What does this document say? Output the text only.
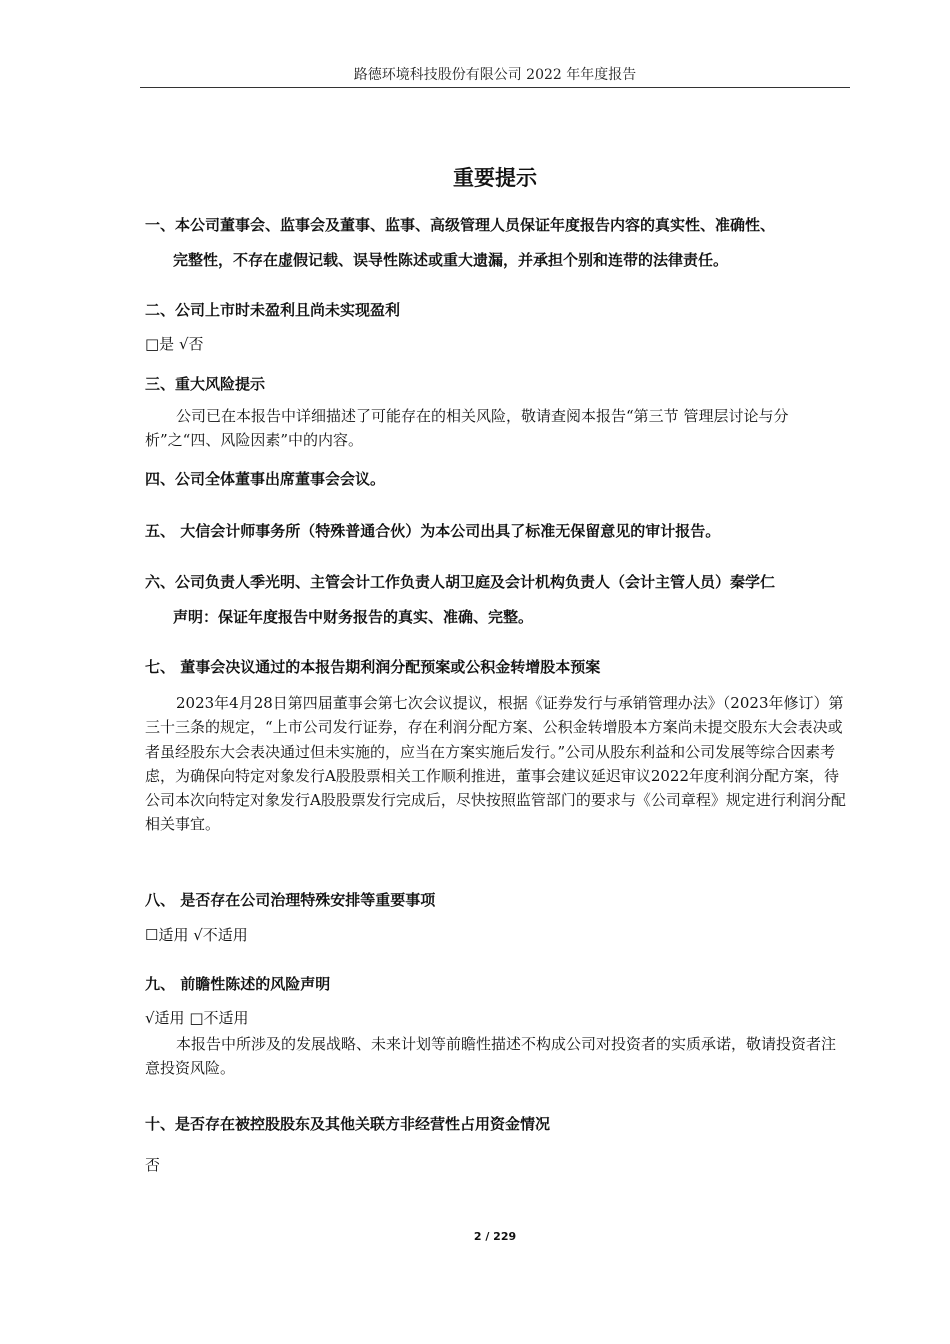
路德环境科技股份有限公司 2022 年年度报告
重要提示
一、本公司董事会、监事会及董事、监事、高级管理人员保证年度报告内容的真实性、准确性、
完整性，不存在虚假记载、误导性陈述或重大遗漏，并承担个别和连带的法律责任。
二、公司上市时未盈利且尚未实现盈利
□是 √否
三、重大风险提示
公司已在本报告中详细描述了可能存在的相关风险，敬请查阅本报告“第三节 管理层讨论与分析”之“四、风险因素”中的内容。
四、公司全体董事出席董事会会议。
五、 大信会计师事务所（特殊普通合伙）为本公司出具了标准无保留意见的审计报告。
六、公司负责人季光明、主管会计工作负责人胡卫庭及会计机构负责人（会计主管人员）秦学仁
声明：保证年度报告中财务报告的真实、准确、完整。
七、 董事会决议通过的本报告期利润分配预案或公积金转增股本预案
2023年4月28日第四届董事会第七次会议提议，根据《证券发行与承销管理办法》（2023年修订）第三十三条的规定，“上市公司发行证券，存在利润分配方案、公积金转增股本方案尚未提交股东大会表决或者虽经股东大会表决通过但未实施的，应当在方案实施后发行。”公司从股东利益和公司发展等综合因素考虑，为确保向特定对象发行A股股票相关工作顺利推进，董事会建议延迟审议2022年度利润分配方案，待公司本次向特定对象发行A股股票发行完成后，尽快按照监管部门的要求与《公司章程》规定进行利润分配相关事宜。
八、 是否存在公司治理特殊安排等重要事项
☐适用 √不适用
九、 前瞻性陈述的风险声明
√适用 □不适用
本报告中所涉及的发展战略、未来计划等前瞻性描述不构成公司对投资者的实质承诺，敬请投资者注意投资风险。
十、是否存在被控股股东及其他关联方非经营性占用资金情况
否
2 / 229
